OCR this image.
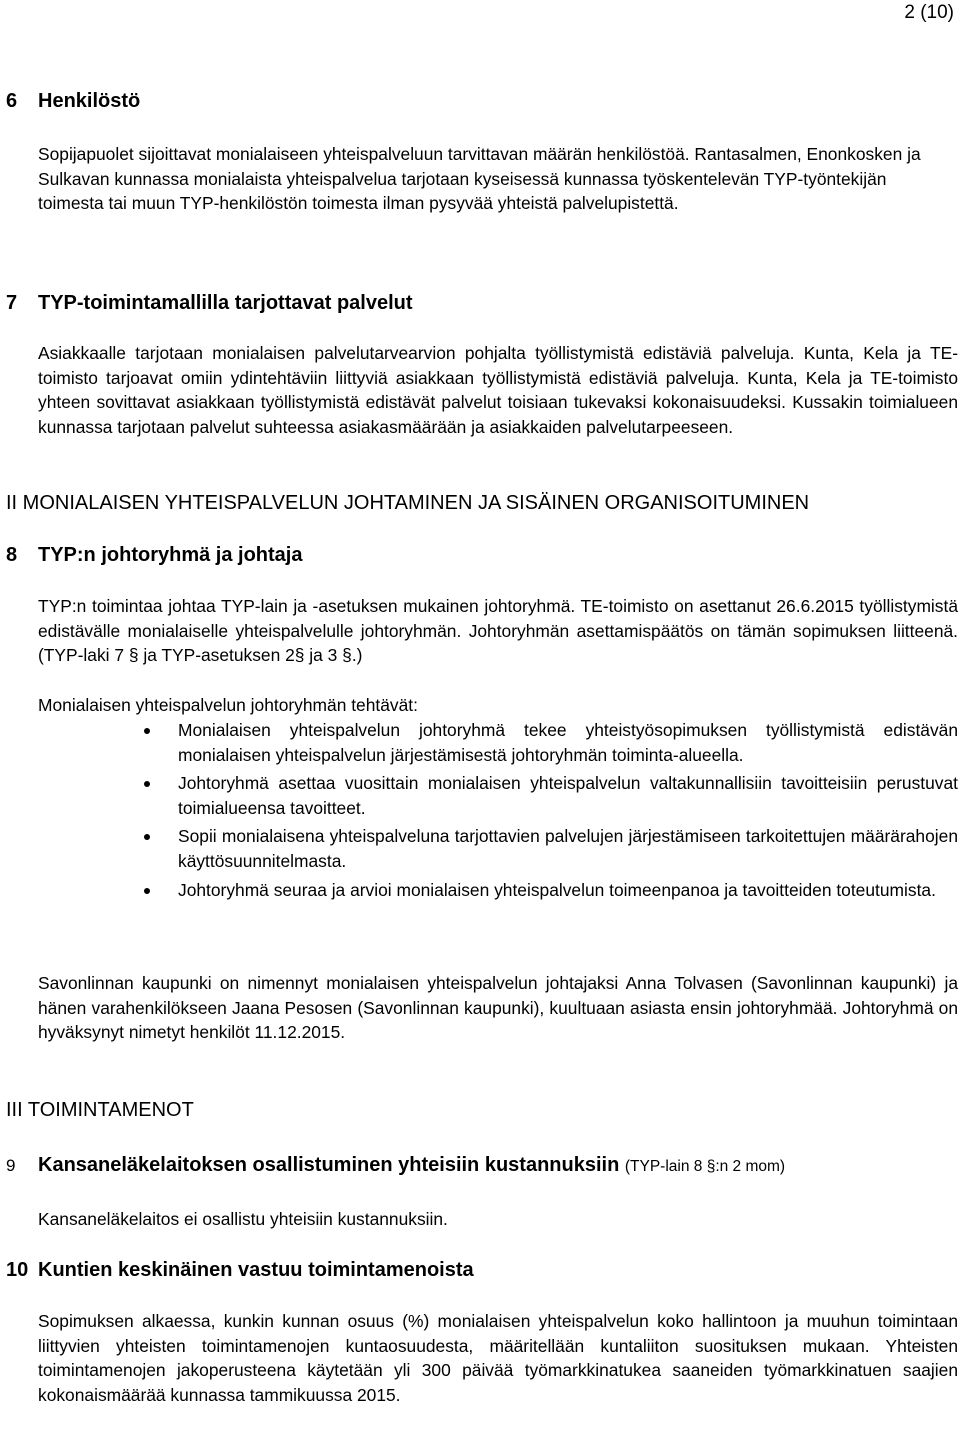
2 (10)
6 Henkilöstö

Sopijapuolet sijoittavat monialaiseen yhteispalveluun tarvittavan määrän henkilöstöä. Rantasalmen, Enonkosken ja Sulkavan kunnassa monialaista yhteispalvelua tarjotaan kyseisessä kunnassa työskentelevän TYP-työntekijän toimesta tai muun TYP-henkilöstön toimesta ilman pysyvää yhteistä palvelupistettä.

7 TYP-toimintamallilla tarjottavat palvelut

Asiakkaalle tarjotaan monialaisen palvelutarvearvion pohjalta työllistymistä edistäviä palveluja. Kunta, Kela ja TE-toimisto tarjoavat omiin ydintehtäviin liittyviä asiakkaan työllistymistä edistäviä palveluja. Kunta, Kela ja TE-toimisto yhteen sovittavat asiakkaan työllistymistä edistävät palvelut toisiaan tukevaksi kokonaisuudeksi. Kussakin toimialueen kunnassa tarjotaan palvelut suhteessa asiakasmäärään ja asiakkaiden palvelutarpeeseen.

II MONIALAISEN YHTEISPALVELUN JOHTAMINEN JA SISÄINEN ORGANISOITUMINEN
8 TYP:n johtoryhmä ja johtaja

TYP:n toimintaa johtaa TYP-lain ja -asetuksen mukainen johtoryhmä. TE-toimisto on asettanut 26.6.2015 työllistymistä edistävälle monialaiselle yhteispalvelulle johtoryhmän. Johtoryhmän asettamispäätös on tämän sopimuksen liitteenä. (TYP-laki 7 § ja TYP-asetuksen 2§ ja 3 §.)

Monialaisen yhteispalvelun johtoryhmän tehtävät:

Monialaisen yhteispalvelun johtoryhmä tekee yhteistyösopimuksen työllistymistä edistävän monialaisen yhteispalvelun järjestämisestä johtoryhmän toiminta-alueella.
Johtoryhmä asettaa vuosittain monialaisen yhteispalvelun valtakunnallisiin tavoitteisiin perustuvat toimialueensa tavoitteet.
Sopii monialaisena yhteispalveluna tarjottavien palvelujen järjestämiseen tarkoitettujen määrärahojen käyttösuunnitelmasta.
Johtoryhmä seuraa ja arvioi monialaisen yhteispalvelun toimeenpanoa ja tavoitteiden toteutumista.

Savonlinnan kaupunki on nimennyt monialaisen yhteispalvelun johtajaksi Anna Tolvasen (Savonlinnan kaupunki) ja hänen varahenkilökseen Jaana Pesosen (Savonlinnan kaupunki), kuultuaan asiasta ensin johtoryhmää. Johtoryhmä on hyväksynyt nimetyt henkilöt 11.12.2015.

III TOIMINTAMENOT
9 Kansaneläkelaitoksen osallistuminen yhteisiin kustannuksiin (TYP-lain 8 §:n 2 mom)

Kansaneläkelaitos ei osallistu yhteisiin kustannuksiin.

10 Kuntien keskinäinen vastuu toimintamenoista

Sopimuksen alkaessa, kunkin kunnan osuus (%) monialaisen yhteispalvelun koko hallintoon ja muuhun toimintaan liittyvien yhteisten toimintamenojen kuntaosuudesta, määritellään kuntaliiton suosituksen mukaan. Yhteisten toimintamenojen jakoperusteena käytetään yli 300 päivää työmarkkinatukea saaneiden työmarkkinatuen saajien kokonaismäärää kunnassa tammikuussa 2015.
